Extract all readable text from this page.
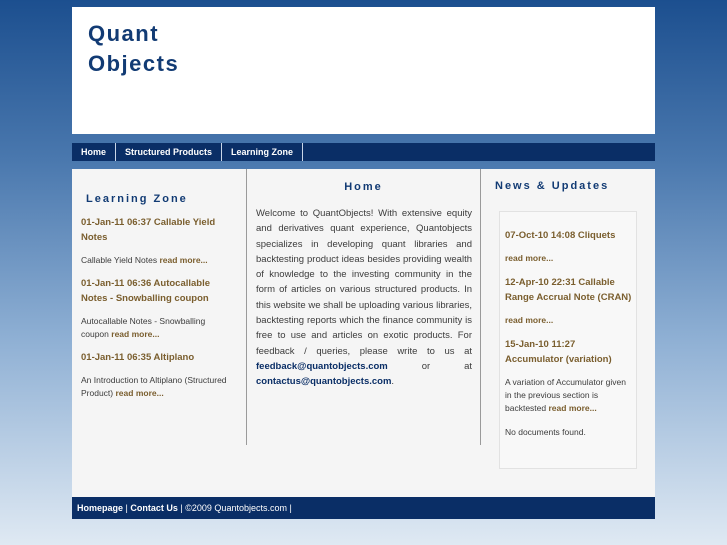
Quant
Objects
Home	Structured Products	Learning Zone
Learning Zone
01-Jan-11 06:37 Callable Yield Notes
Callable Yield Notes read more...
01-Jan-11 06:36 Autocallable Notes - Snowballing coupon
Autocallable Notes - Snowballing coupon read more...
01-Jan-11 06:35 Altiplano
An Introduction to Altiplano (Structured Product) read more...
Home
Welcome to QuantObjects! With extensive equity and derivatives quant experience, Quantobjects specializes in developing quant libraries and backtesting product ideas besides providing wealth of knowledge to the investing community in the form of articles on various structured products. In this website we shall be uploading various libraries, backtesting reports which the finance community is free to use and articles on exotic products. For feedback / queries, please write to us at feedback@quantobjects.com	or at contactus@quantobjects.com.
News & Updates
07-Oct-10 14:08 Cliquets
read more...
12-Apr-10 22:31 Callable Range Accrual Note (CRAN)
read more...
15-Jan-10 11:27 Accumulator (variation)
A variation of Accumulator given in the previous section is backtested read more...
No documents found.
Homepage | Contact Us | ©2009 Quantobjects.com |
